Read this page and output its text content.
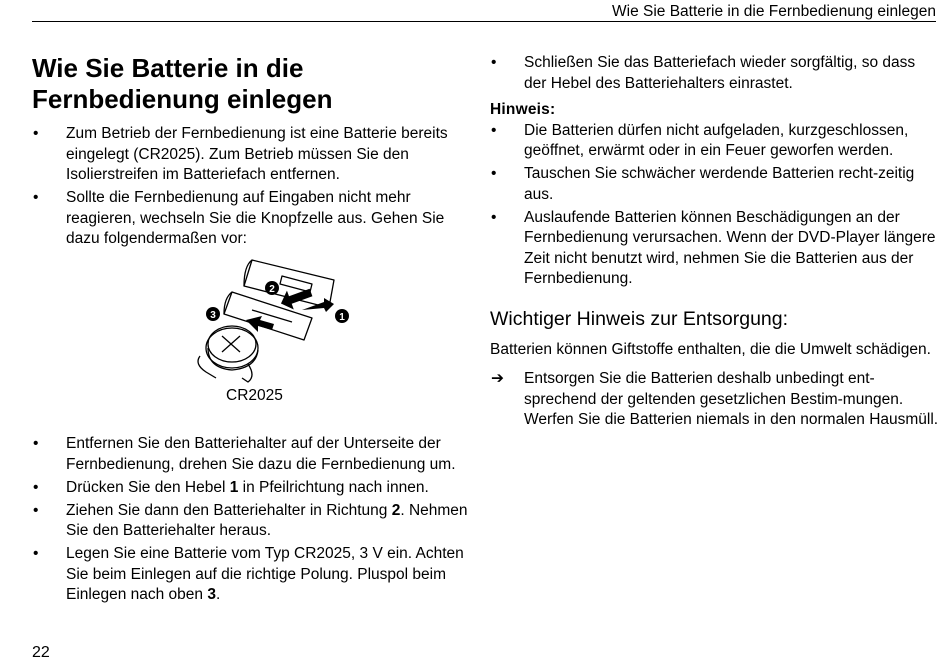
Wie Sie Batterie in die Fernbedienung einlegen
Wie Sie Batterie in die Fernbedienung einlegen
• Zum Betrieb der Fernbedienung ist eine Batterie bereits eingelegt (CR2025). Zum Betrieb müssen Sie den Isolierstreifen im Batteriefach entfernen.
• Sollte die Fernbedienung auf Eingaben nicht mehr reagieren, wechseln Sie die Knopfzelle aus. Gehen Sie dazu folgendermaßen vor:
2
1
3
CR2025
• Entfernen Sie den Batteriehalter auf der Unterseite der Fernbedienung, drehen Sie dazu die Fernbedienung um.
• Drücken Sie den Hebel 1 in Pfeilrichtung nach innen.
• Ziehen Sie dann den Batteriehalter in Richtung 2. Nehmen Sie den Batteriehalter heraus.
• Legen Sie eine Batterie vom Typ CR2025, 3 V ein. Achten Sie beim Einlegen auf die richtige Polung. Pluspol beim Einlegen nach oben 3.
• Schließen Sie das Batteriefach wieder sorgfältig, so dass der Hebel des Batteriehalters einrastet.
Hinweis:
• Die Batterien dürfen nicht aufgeladen, kurzgeschlossen, geöffnet, erwärmt oder in ein Feuer geworfen werden.
• Tauschen Sie schwächer werdende Batterien recht-zeitig aus.
• Auslaufende Batterien können Beschädigungen an der Fernbedienung verursachen. Wenn der DVD-Player längere Zeit nicht benutzt wird, nehmen Sie die Batterien aus der Fernbedienung.
Wichtiger Hinweis zur Entsorgung:

Batterien können Giftstoffe enthalten, die die Umwelt schädigen.

➔ Entsorgen Sie die Batterien deshalb unbedingt ent-sprechend der geltenden gesetzlichen Bestim-mungen. Werfen Sie die Batterien niemals in den normalen Hausmüll.
22
